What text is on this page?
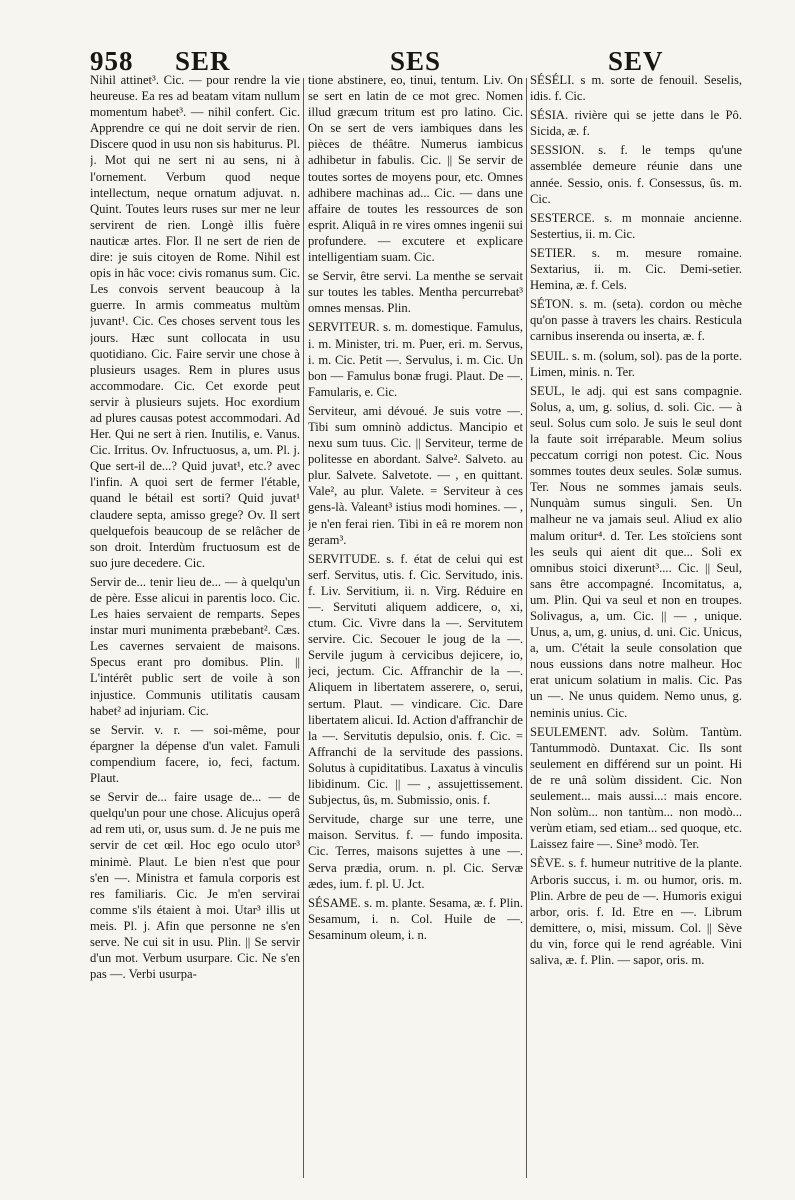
958 SER	SES	SEV

Nihil attinet³. Cic. — pour rendre la vie heureuse. Ea res ad beatam vitam nullum momentum habet³. — nihil confert. Cic. Apprendre ce qui ne doit servir de rien. Discere quod in usu non sis habiturus. Pl. j. Mot qui ne sert ni au sens, ni à l'ornement. Verbum quod neque intellectum, neque ornatum adjuvat. n. Quint. Toutes leurs ruses sur mer ne leur servirent de rien. Longè illis fuère nauticæ artes. Flor. Il ne sert de rien de dire: je suis citoyen de Rome. Nihil est opis in hâc voce: civis romanus sum. Cic. Les convois servent beaucoup à la guerre. In armis commeatus multùm juvant¹. Cic. Ces choses servent tous les jours. Hæc sunt collocata in usu quotidiano. Cic. Faire servir une chose à plusieurs usages. Rem in plures usus accommodare. Cic. Cet exorde peut servir à plusieurs sujets. Hoc exordium ad plures causas potest accommodari. Ad Her. Qui ne sert à rien. Inutilis, e. Vanus. Cic. Irritus. Ov. Infructuosus, a, um. Pl. j. Que sert-il de...? Quid juvat¹, etc.? avec l'infin. A quoi sert de fermer l'étable, quand le bétail est sorti? Quid juvat¹ claudere septa, amisso grege? Ov. Il sert quelquefois beaucoup de se relâcher de son droit. Interdùm fructuosum est de suo jure decedere. Cic.

Servir de... tenir lieu de... — à quelqu'un de père. Esse alicui in parentis loco. Cic. Les haies servaient de remparts. Sepes instar muri munimenta præbebant². Cæs. Les cavernes servaient de maisons. Specus erant pro domibus. Plin. || L'intérêt public sert de voile à son injustice. Communis utilitatis causam habet² ad injuriam. Cic.

se Servir. v. r. — soi-même, pour épargner la dépense d'un valet. Famuli compendium facere, io, feci, factum. Plaut.

se Servir de... faire usage de... — de quelqu'un pour une chose. Alicujus operâ ad rem uti, or, usus sum. d. Je ne puis me servir de cet œil. Hoc ego oculo utor³ minimè. Plaut. Le bien n'est que pour s'en —. Ministra et famula corporis est res familiaris. Cic. Je m'en servirai comme s'ils étaient à moi. Utar³ illis ut meis. Pl. j. Afin que personne ne s'en serve. Ne cui sit in usu. Plin. || Se servir d'un mot. Verbum usurpare. Cic. Ne s'en pas —. Verbi usurpa-

tione abstinere, eo, tinui, tentum. Liv. On se sert en latin de ce mot grec. Nomen illud græcum tritum est pro latino. Cic. On se sert de vers iambiques dans les pièces de théâtre. Numerus iambicus adhibetur in fabulis. Cic. || Se servir de toutes sortes de moyens pour, etc. Omnes adhibere machinas ad... Cic. — dans une affaire de toutes les ressources de son esprit. Aliquâ in re vires omnes ingenii sui profundere. — excutere et explicare intelligentiam suam. Cic.

se Servir, être servi. La menthe se servait sur toutes les tables. Mentha percurrebat³ omnes mensas. Plin.

SERVITEUR. s. m. domestique. Famulus, i. m. Minister, tri. m. Puer, eri. m. Servus, i. m. Cic. Petit —. Servulus, i. m. Cic. Un bon — Famulus bonæ frugi. Plaut. De —. Famularis, e. Cic.

Serviteur, ami dévoué. Je suis votre —. Tibi sum omninò addictus. Mancipio et nexu sum tuus. Cic. || Serviteur, terme de politesse en abordant. Salve². Salveto. au plur. Salvete. Salvetote. — , en quittant. Vale², au plur. Valete. = Serviteur à ces gens-là. Valeant³ istius modi homines. — , je n'en ferai rien. Tibi in eâ re morem non geram³.

SERVITUDE. s. f. état de celui qui est serf. Servitus, utis. f. Cic. Servitudo, inis. f. Liv. Servitium, ii. n. Virg. Réduire en —. Servituti aliquem addicere, o, xi, ctum. Cic. Vivre dans la —. Servitutem servire. Cic. Secouer le joug de la —. Servile jugum à cervicibus dejicere, io, jeci, jectum. Cic. Affranchir de la —. Aliquem in libertatem asserere, o, serui, sertum. Plaut. — vindicare. Cic. Dare libertatem alicui. Id. Action d'affranchir de la —. Servitutis depulsio, onis. f. Cic. = Affranchi de la servitude des passions. Solutus à cupiditatibus. Laxatus à vinculis libidinum. Cic. || — , assujettissement. Subjectus, ûs, m. Submissio, onis. f.

Servitude, charge sur une terre, une maison. Servitus. f. — fundo imposita. Cic. Terres, maisons sujettes à une —. Serva prædia, orum. n. pl. Cic. Servæ ædes, ium. f. pl. U. Jct.

SÉSAME. s. m. plante. Sesama, æ. f. Plin. Sesamum, i. n. Col. Huile de —. Sesaminum oleum, i. n.

SÉSÉLI. s m. sorte de fenouil. Seselis, idis. f. Cic.

SÉSIA. rivière qui se jette dans le Pô. Sicida, æ. f.

SESSION. s. f. le temps qu'une assemblée demeure réunie dans une année. Sessio, onis. f. Consessus, ûs. m. Cic.

SESTERCE. s. m monnaie ancienne. Sestertius, ii. m. Cic.

SETIER. s. m. mesure romaine. Sextarius, ii. m. Cic. Demi-setier. Hemina, æ. f. Cels.

SÉTON. s. m. (seta). cordon ou mèche qu'on passe à travers les chairs. Resticula carnibus inserenda ou inserta, æ. f.

SEUIL. s. m. (solum, sol). pas de la porte. Limen, minis. n. Ter.

SEUL, le adj. qui est sans compagnie. Solus, a, um, g. solius, d. soli. Cic. — à seul. Solus cum solo. Je suis le seul dont la faute soit irréparable. Meum solius peccatum corrigi non potest. Cic. Nous sommes toutes deux seules. Solæ sumus. Ter. Nous ne sommes jamais seuls. Nunquàm sumus singuli. Sen. Un malheur ne va jamais seul. Aliud ex alio malum oritur⁴. d. Ter. Les stoïciens sont les seuls qui aient dit que... Soli ex omnibus stoici dixerunt³.... Cic. || Seul, sans être accompagné. Incomitatus, a, um. Plin. Qui va seul et non en troupes. Solivagus, a, um. Cic. || — , unique. Unus, a, um, g. unius, d. uni. Cic. Unicus, a, um. C'était la seule consolation que nous eussions dans notre malheur. Hoc erat unicum solatium in malis. Cic. Pas un —. Ne unus quidem. Nemo unus, g. neminis unius. Cic.

SEULEMENT. adv. Solùm. Tantùm. Tantummodò. Duntaxat. Cic. Ils sont seulement en différend sur un point. Hi de re unâ solùm dissident. Cic. Non seulement... mais aussi...: mais encore. Non solùm... non tantùm... non modò... verùm etiam, sed etiam... sed quoque, etc. Laissez faire —. Sine³ modò. Ter.

SÈVE. s. f. humeur nutritive de la plante. Arboris succus, i. m. ou humor, oris. m. Plin. Arbre de peu de —. Humoris exigui arbor, oris. f. Id. Etre en —. Librum demittere, o, misi, missum. Col. || Sève du vin, force qui le rend agréable. Vini saliva, æ. f. Plin. — sapor, oris. m.
